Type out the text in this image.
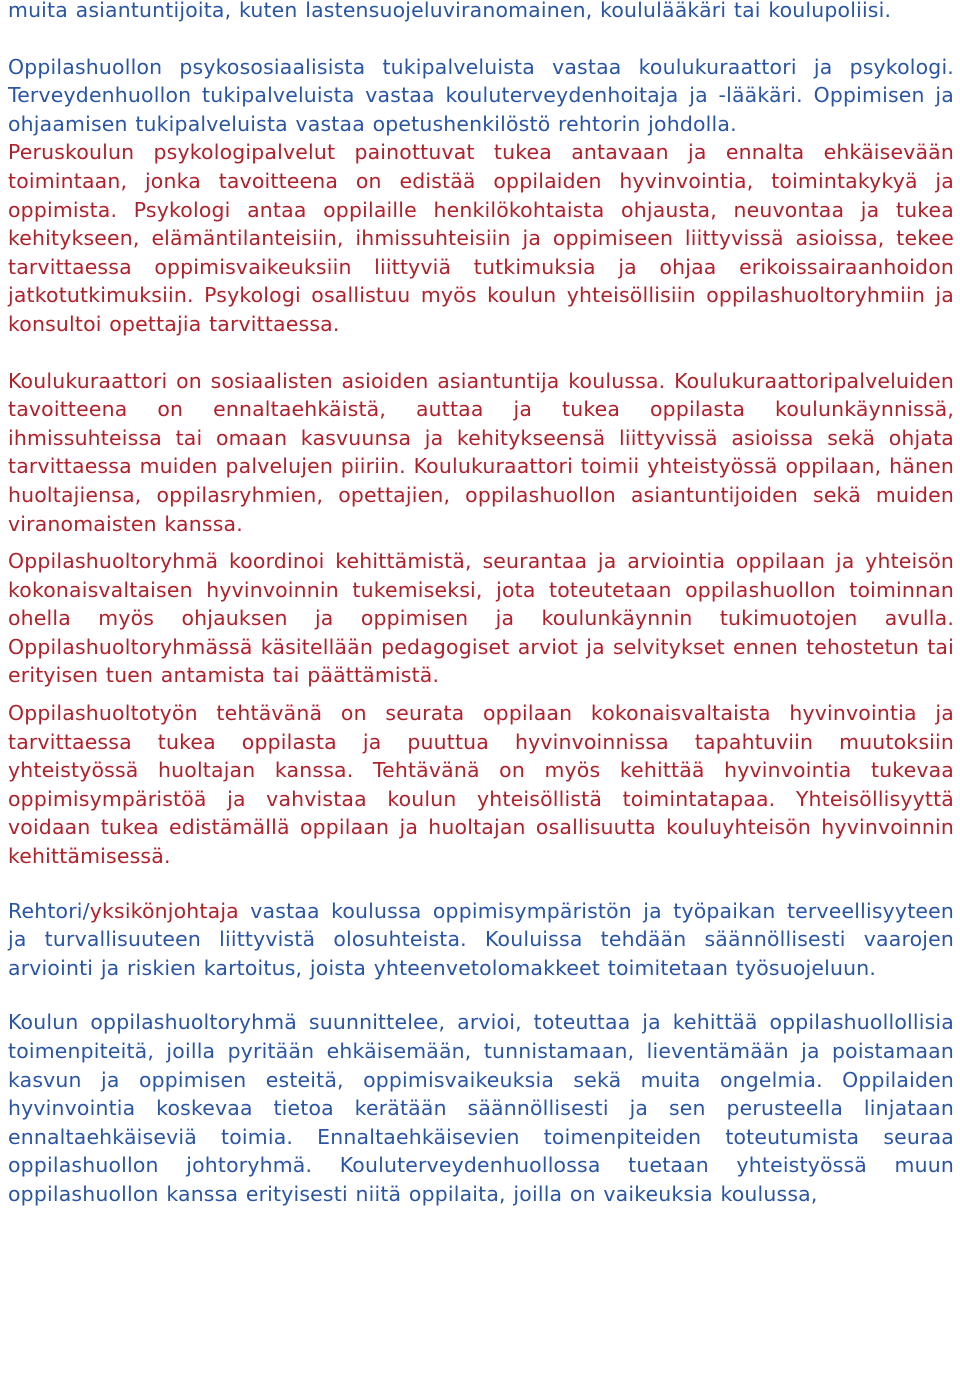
muita asiantuntijoita, kuten lastensuojeluviranomainen, koululääkäri tai koulupoliisi.

Oppilashuollon psykososiaalisista tukipalveluista vastaa koulukuraattori ja psykologi. Terveydenhuollon tukipalveluista vastaa kouluterveydenhoitaja ja -lääkäri. Oppimisen ja ohjaamisen tukipalveluista vastaa opetushenkilöstö rehtorin johdolla.

Peruskoulun psykologipalvelut painottuvat tukea antavaan ja ennalta ehkäisevään toimintaan, jonka tavoitteena on edistää oppilaiden hyvinvointia, toimintakykyä ja oppimista. Psykologi antaa oppilaille henkilökohtaista ohjausta, neuvontaa ja tukea kehitykseen, elämäntilanteisiin, ihmissuhteisiin ja oppimiseen liittyvissä asioissa, tekee tarvittaessa oppimisvaikeuksiin liittyviä tutkimuksia ja ohjaa erikoissairaanhoidon jatkotutkimuksiin. Psykologi osallistuu myös koulun yhteisöllisiin oppilashuoltoryhmiin ja konsultoi opettajia tarvittaessa.

Koulukuraattori on sosiaalisten asioiden asiantuntija koulussa. Koulukuraattoripalveluiden tavoitteena on ennaltaehkäistä, auttaa ja tukea oppilasta koulunkäynnissä, ihmissuhteissa tai omaan kasvuunsa ja kehitykseensä liittyvissä asioissa sekä ohjata tarvittaessa muiden palvelujen piiriin. Koulukuraattori toimii yhteistyössä oppilaan, hänen huoltajiensa, oppilasryhmien, opettajien, oppilashuollon asiantuntijoiden sekä muiden viranomaisten kanssa.

Oppilashuoltoryhmä koordinoi kehittämistä, seurantaa ja arviointia oppilaan ja yhteisön kokonaisvaltaisen hyvinvoinnin tukemiseksi, jota toteutetaan oppilashuollon toiminnan ohella myös ohjauksen ja oppimisen ja koulunkäynnin tukimuotojen avulla. Oppilashuoltoryhmässä käsitellään pedagogiset arviot ja selvitykset ennen tehostetun tai erityisen tuen antamista tai päättämistä.

Oppilashuoltotyön tehtävänä on seurata oppilaan kokonaisvaltaista hyvinvointia ja tarvittaessa tukea oppilasta ja puuttua hyvinvoinnissa tapahtuviin muutoksiin yhteistyössä huoltajan kanssa. Tehtävänä on myös kehittää hyvinvointia tukevaa oppimisympäristöä ja vahvistaa koulun yhteisöllistä toimintatapaa. Yhteisöllisyyttä voidaan tukea edistämällä oppilaan ja huoltajan osallisuutta kouluyhteisön hyvinvoinnin kehittämisessä.

Rehtori/yksikönjohtaja vastaa koulussa oppimisympäristön ja työpaikan terveellisyyteen ja turvallisuuteen liittyvistä olosuhteista. Kouluissa tehdään säännöllisesti vaarojen arviointi ja riskien kartoitus, joista yhteenvetolomakkeet toimitetaan työsuojeluun.

Koulun oppilashuoltoryhmä suunnittelee, arvioi, toteuttaa ja kehittää oppilashuollollisia toimenpiteitä, joilla pyritään ehkäisemään, tunnistamaan, lieventämään ja poistamaan kasvun ja oppimisen esteitä, oppimisvaikeuksia sekä muita ongelmia. Oppilaiden hyvinvointia koskevaa tietoa kerätään säännöllisesti ja sen perusteella linjataan ennaltaehkäiseviä toimia. Ennaltaehkäisevien toimenpiteiden toteutumista seuraa oppilashuollon johtoryhmä. Kouluterveydenhuollossa tuetaan yhteistyössä muun oppilashuollon kanssa erityisesti niitä oppilaita, joilla on vaikeuksia koulussa,
